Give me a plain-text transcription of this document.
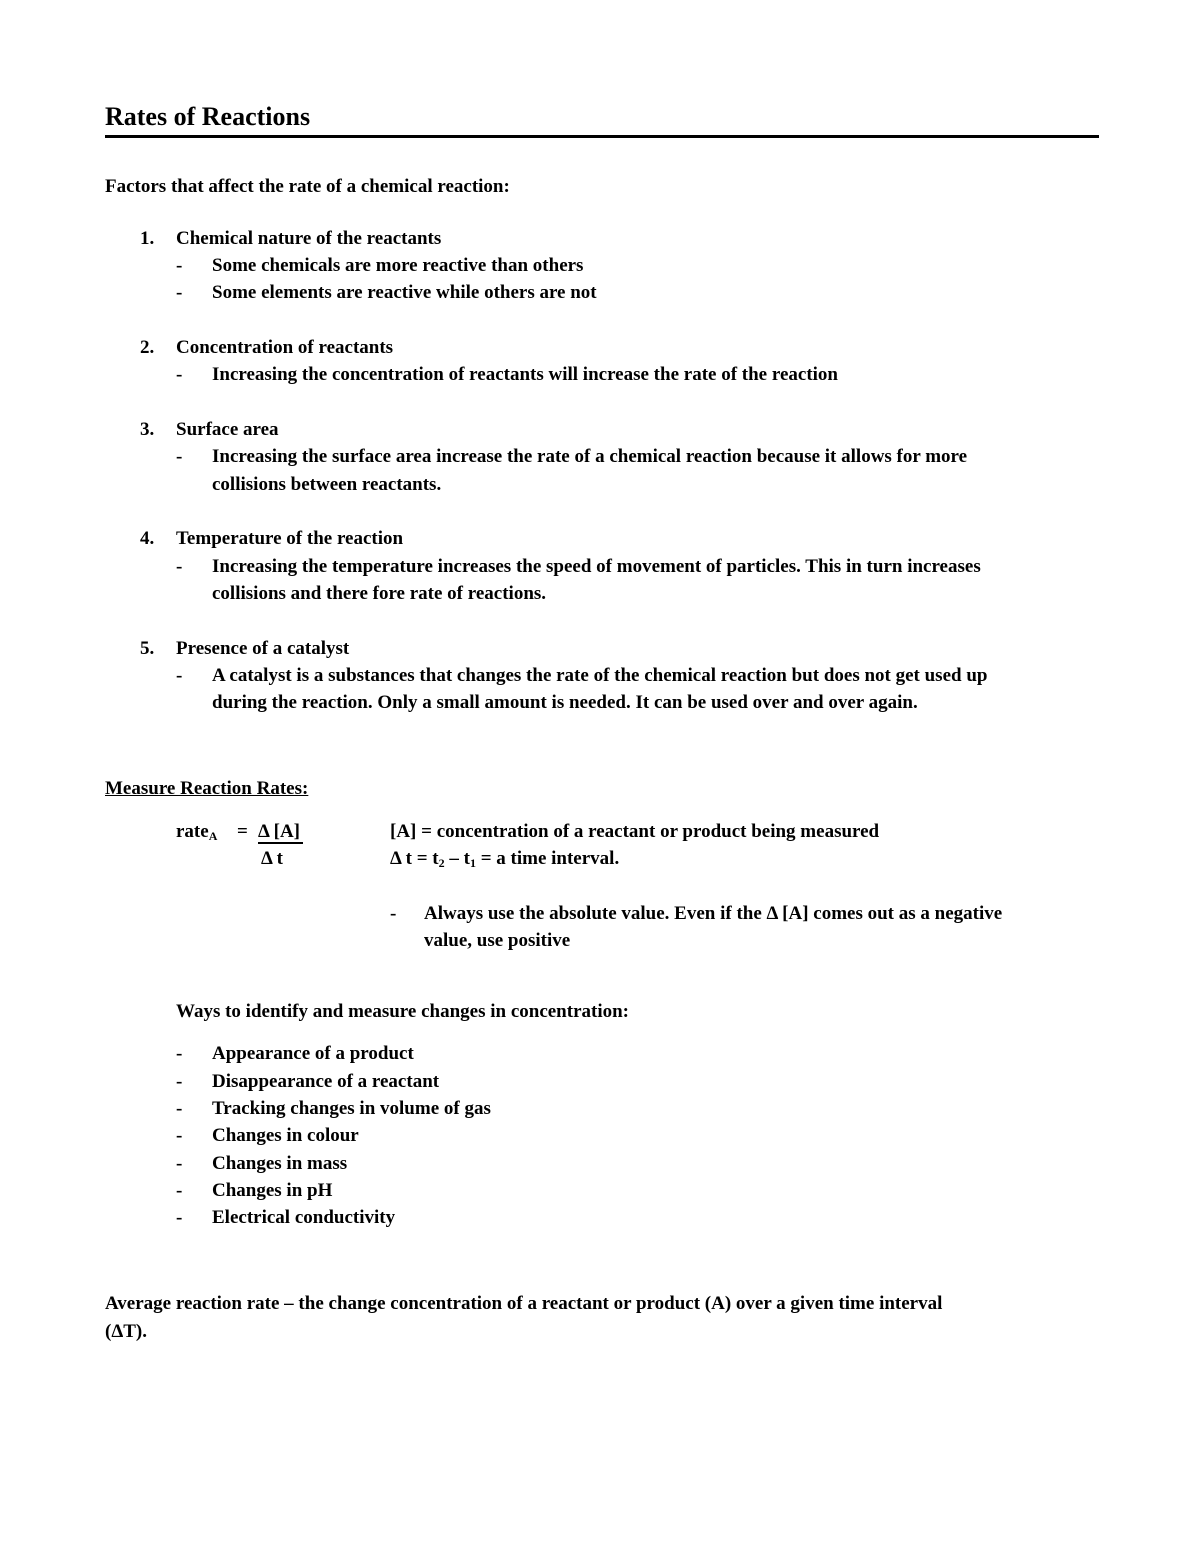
Rates of Reactions
Factors that affect the rate of a chemical reaction:
1. Chemical nature of the reactants
- Some chemicals are more reactive than others
- Some elements are reactive while others are not
2. Concentration of reactants
- Increasing the concentration of reactants will increase the rate of the reaction
3. Surface area
- Increasing the surface area increase the rate of a chemical reaction because it allows for more
collisions between reactants.
4. Temperature of the reaction
- Increasing the temperature increases the speed of movement of particles. This in turn increases
collisions and there fore rate of reactions.
5. Presence of a catalyst
- A catalyst is a substances that changes the rate of the chemical reaction but does not get used up
during the reaction. Only a small amount is needed. It can be used over and over again.
Measure Reaction Rates:
rate$_A$ = Δ [A]
Δ t
[A] = concentration of a reactant or product being measured
Δ $t = t_2 - t_1 = a$ time interval.
- Always use the absolute value. Even if the Δ [A] comes out as a negative
value, use positive
Ways to identify and measure changes in concentration:
- Appearance of a product
- Disappearance of a reactant
- Tracking changes in volume of gas
- Changes in colour
- Changes in mass
- Changes in pH
- Electrical conductivity
Average reaction rate – the change concentration of a reactant or product (A) over a given time interval
(ΔT).
